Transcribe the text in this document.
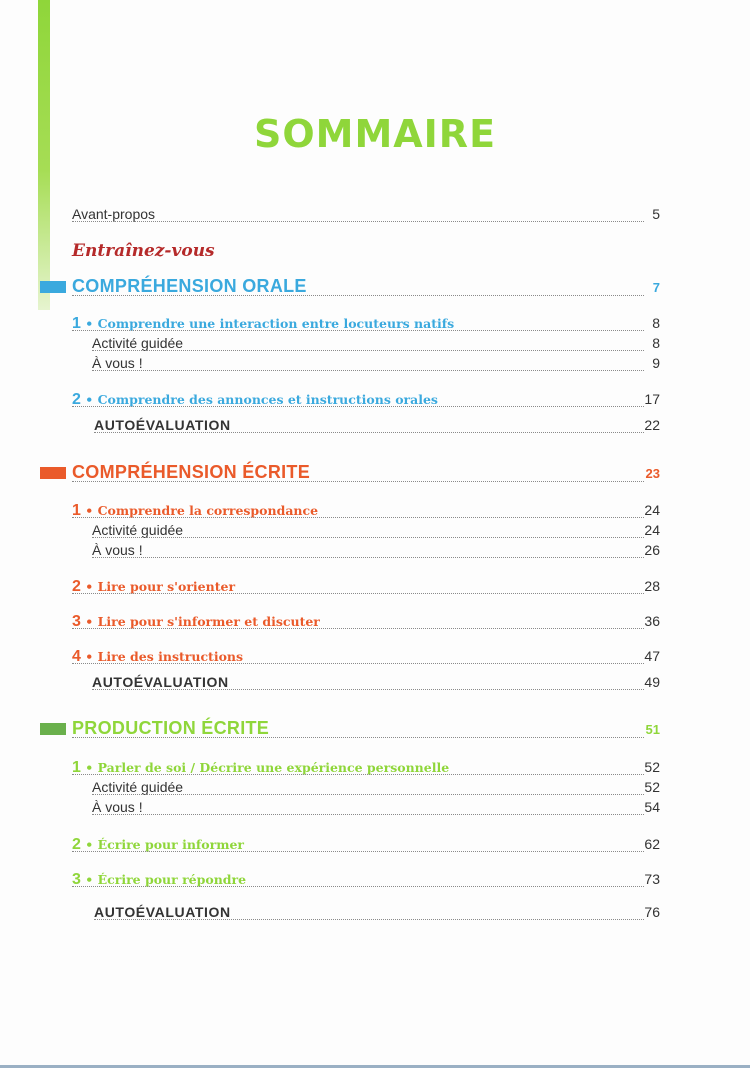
SOMMAIRE
Avant-propos	5
Entraînez-vous
COMPRÉHENSION ORALE	7
1 • Comprendre une interaction entre locuteurs natifs	8
Activité guidée	8
À vous !	9
2 • Comprendre des annonces et instructions orales	17
AUTOÉVALUATION	22
COMPRÉHENSION ÉCRITE	23
1 • Comprendre la correspondance	24
Activité guidée	24
À vous !	26
2 • Lire pour s'orienter	28
3 • Lire pour s'informer et discuter	36
4 • Lire des instructions	47
AUTOÉVALUATION	49
PRODUCTION ÉCRITE	51
1 • Parler de soi / Décrire une expérience personnelle	52
Activité guidée	52
À vous !	54
2 • Écrire pour informer	62
3 • Écrire pour répondre	73
AUTOÉVALUATION	76
